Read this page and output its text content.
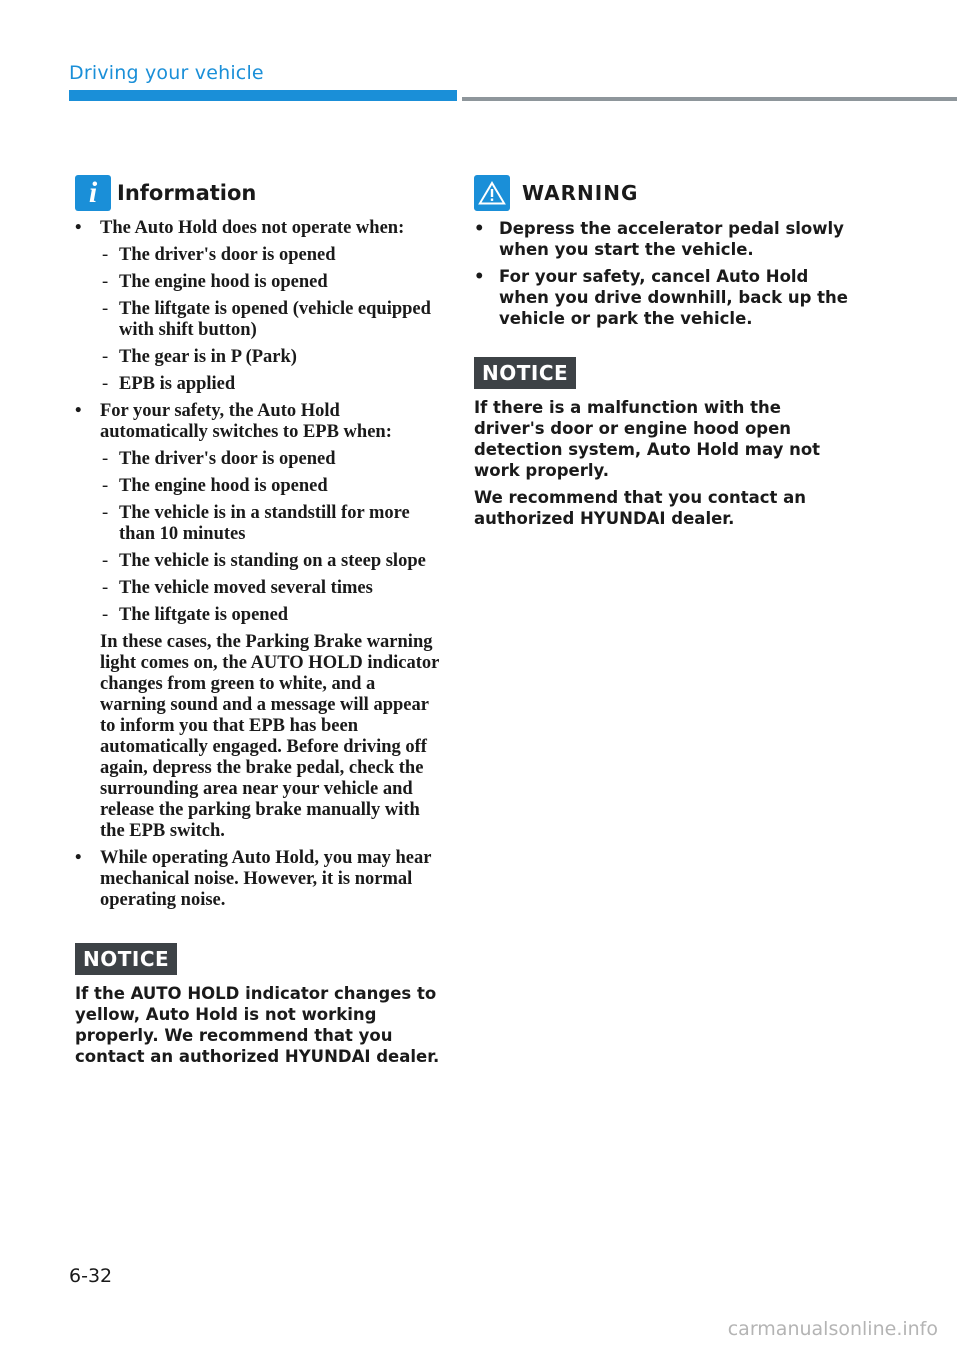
Driving your vehicle
i Information
• The Auto Hold does not operate when:
- The driver's door is opened
- The engine hood is opened
- The liftgate is opened (vehicle equipped with shift button)
- The gear is in P (Park)
- EPB is applied
• For your safety, the Auto Hold automatically switches to EPB when:
- The driver's door is opened
- The engine hood is opened
- The vehicle is in a standstill for more than 10 minutes
- The vehicle is standing on a steep slope
- The vehicle moved several times
- The liftgate is opened
In these cases, the Parking Brake warning light comes on, the AUTO HOLD indicator changes from green to white, and a warning sound and a message will appear to inform you that EPB has been automatically engaged. Before driving off again, depress the brake pedal, check the surrounding area near your vehicle and release the parking brake manually with the EPB switch.
• While operating Auto Hold, you may hear mechanical noise. However, it is normal operating noise.
NOTICE

If the AUTO HOLD indicator changes to yellow, Auto Hold is not working properly. We recommend that you contact an authorized HYUNDAI dealer.

WARNING
• Depress the accelerator pedal slowly when you start the vehicle.
• For your safety, cancel Auto Hold when you drive downhill, back up the vehicle or park the vehicle.
NOTICE

If there is a malfunction with the driver's door or engine hood open detection system, Auto Hold may not work properly.

We recommend that you contact an authorized HYUNDAI dealer.

6-32
carmanualsonline.info
